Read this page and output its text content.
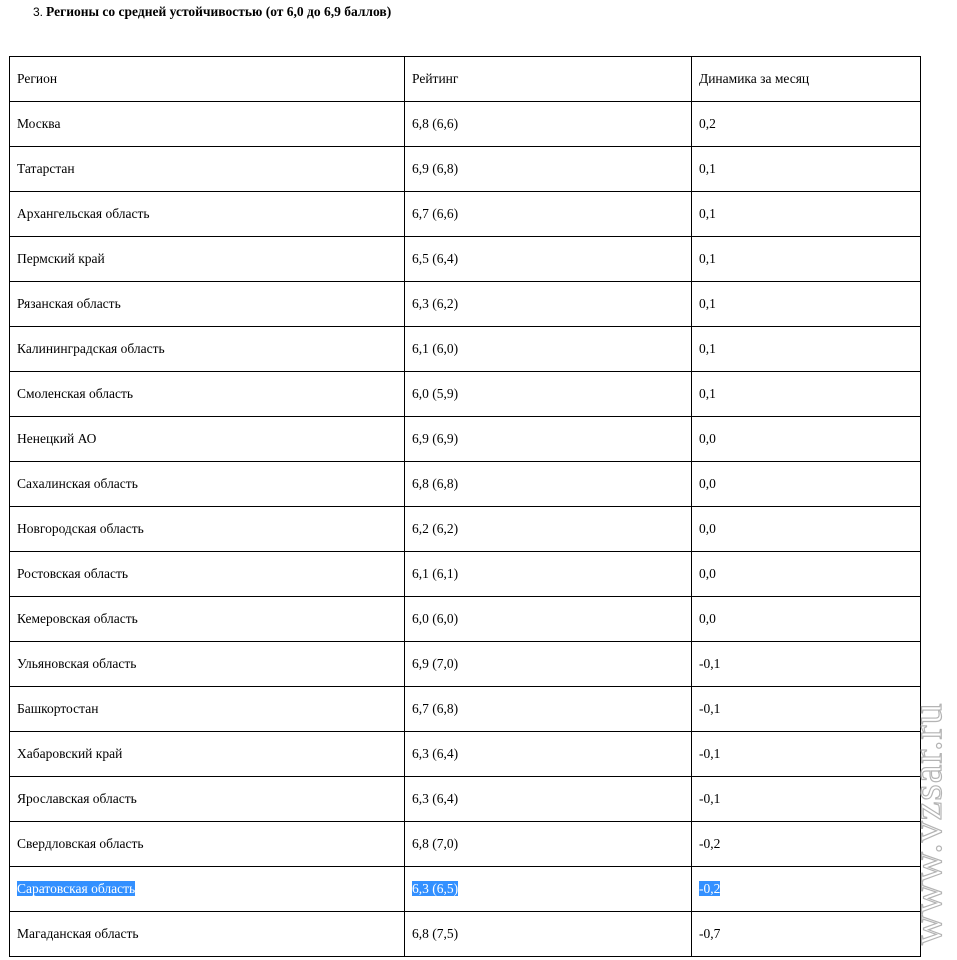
3. Регионы со средней устойчивостью (от 6,0 до 6,9 баллов)
Регион	Рейтинг	Динамика за месяц
Москва	6,8 (6,6)	0,2
Татарстан	6,9 (6,8)	0,1
Архангельская область	6,7 (6,6)	0,1
Пермский край	6,5 (6,4)	0,1
Рязанская область	6,3 (6,2)	0,1
Калининградская область	6,1 (6,0)	0,1
Смоленская область	6,0 (5,9)	0,1
Ненецкий АО	6,9 (6,9)	0,0
Сахалинская область	6,8 (6,8)	0,0
Новгородская область	6,2 (6,2)	0,0
Ростовская область	6,1 (6,1)	0,0
Кемеровская область	6,0 (6,0)	0,0
Ульяновская область	6,9 (7,0)	-0,1
Башкортостан	6,7 (6,8)	-0,1
Хабаровский край	6,3 (6,4)	-0,1
Ярославская область	6,3 (6,4)	-0,1
Свердловская область	6,8 (7,0)	-0,2
Саратовская область	6,3 (6,5)	-0,2
Магаданская область	6,8 (7,5)	-0,7	www.vzsar.ru
